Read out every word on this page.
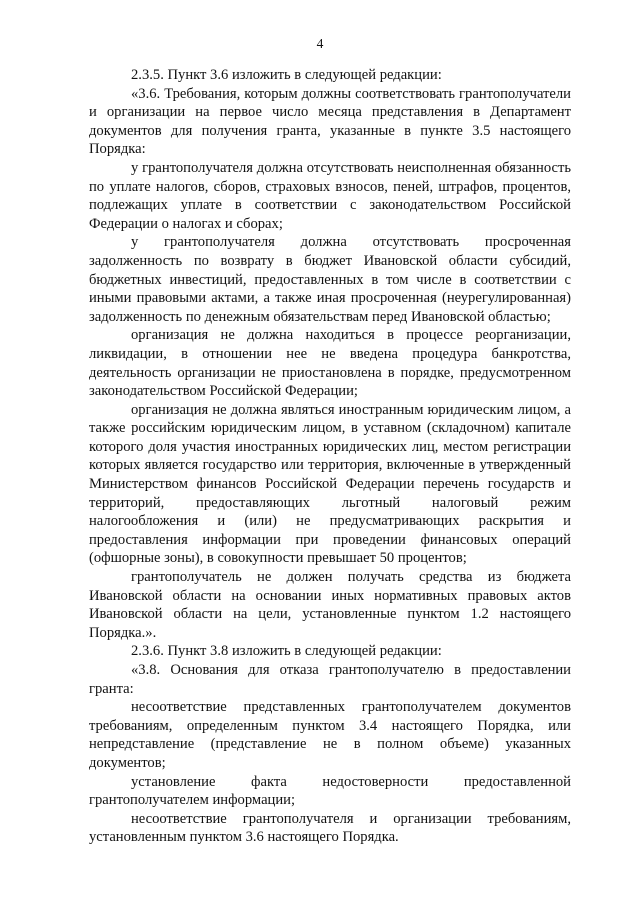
4

2.3.5. Пункт 3.6 изложить в следующей редакции:

«3.6. Требования, которым должны соответствовать грантополучатели и организации на первое число месяца представления в Департамент документов для получения гранта, указанные в пункте 3.5 настоящего Порядка:

у грантополучателя должна отсутствовать неисполненная обязанность по уплате налогов, сборов, страховых взносов, пеней, штрафов, процентов, подлежащих уплате в соответствии с законодательством Российской Федерации о налогах и сборах;

у грантополучателя должна отсутствовать просроченная задолженность по возврату в бюджет Ивановской области субсидий, бюджетных инвестиций, предоставленных в том числе в соответствии с иными правовыми актами, а также иная просроченная (неурегулированная) задолженность по денежным обязательствам перед Ивановской областью;

организация не должна находиться в процессе реорганизации, ликвидации, в отношении нее не введена процедура банкротства, деятельность организации не приостановлена в порядке, предусмотренном законодательством Российской Федерации;

организация не должна являться иностранным юридическим лицом, а также российским юридическим лицом, в уставном (складочном) капитале которого доля участия иностранных юридических лиц, местом регистрации которых является государство или территория, включенные в утвержденный Министерством финансов Российской Федерации перечень государств и территорий, предоставляющих льготный налоговый режим налогообложения и (или) не предусматривающих раскрытия и предоставления информации при проведении финансовых операций (офшорные зоны), в совокупности превышает 50 процентов;

грантополучатель не должен получать средства из бюджета Ивановской области на основании иных нормативных правовых актов Ивановской области на цели, установленные пунктом 1.2 настоящего Порядка.».

2.3.6. Пункт 3.8 изложить в следующей редакции:

«3.8. Основания для отказа грантополучателю в предоставлении гранта:

несоответствие представленных грантополучателем документов требованиям, определенным пунктом 3.4 настоящего Порядка, или непредставление (представление не в полном объеме) указанных документов;

установление факта недостоверности предоставленной грантополучателем информации;

несоответствие грантополучателя и организации требованиям, установленным пунктом 3.6 настоящего Порядка.
